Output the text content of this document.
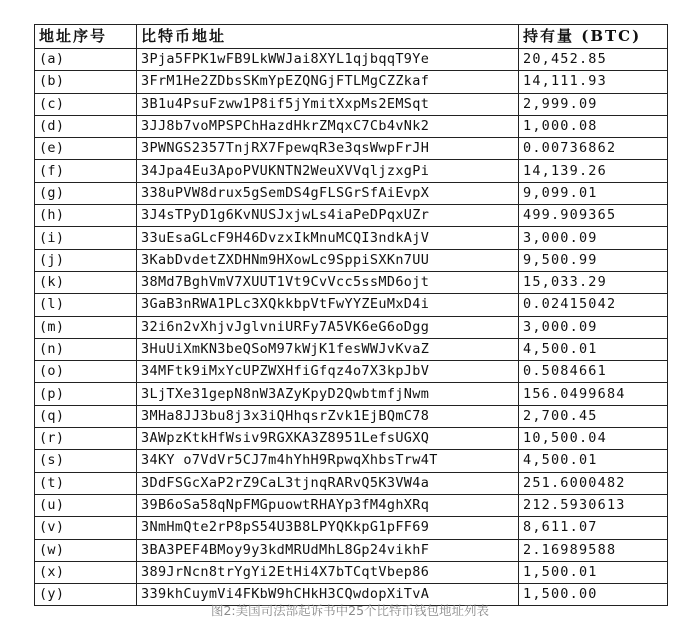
地址序号	比特币地址	持有量 (BTC)
(a)	3Pja5FPK1wFB9LkWWJai8XYL1qjbqqT9Ye	20,452.85
(b)	3FrM1He2ZDbsSKmYpEZQNGjFTLMgCZZkaf	14,111.93
(c)	3B1u4PsuFzww1P8if5jYmitXxpMs2EMSqt	2,999.09
(d)	3JJ8b7voMPSPChHazdHkrZMqxC7Cb4vNk2	1,000.08
(e)	3PWNGS2357TnjRX7FpewqR3e3qsWwpFrJH	0.00736862
(f)	34Jpa4Eu3ApoPVUKNTN2WeuXVVqljzxgPi	14,139.26
(g)	338uPVW8drux5gSemDS4gFLSGrSfAiEvpX	9,099.01
(h)	3J4sTPyD1g6KvNUSJxjwLs4iaPeDPqxUZr	499.909365
(i)	33uEsaGLcF9H46DvzxIkMnuMCQI3ndkAjV	3,000.09
(j)	3KabDvdetZXDHNm9HXowLc9SppiSXKn7UU	9,500.99
(k)	38Md7BghVmV7XUUT1Vt9CvVcc5ssMD6ojt	15,033.29
(l)	3GaB3nRWA1PLc3XQkkbpVtFwYYZEuMxD4i	0.02415042
(m)	32i6n2vXhjvJglvniURFy7A5VK6eG6oDgg	3,000.09
(n)	3HuUiXmKN3beQSoM97kWjK1fesWWJvKvaZ	4,500.01
(o)	34MFtk9iMxYcUPZWXHfiGfqz4o7X3kpJbV	0.5084661
(p)	3LjTXe31gepN8nW3AZyKpyD2QwbtmfjNwm	156.0499684
(q)	3MHa8JJ3bu8j3x3iQHhqsrZvk1EjBQmC78	2,700.45
(r)	3AWpzKtkHfWsiv9RGXKA3Z8951LefsUGXQ	10,500.04
(s)	34KY o7VdVr5CJ7m4hYhH9RpwqXhbsTrw4T	4,500.01
(t)	3DdFSGcXaP2rZ9CaL3tjnqRARvQ5K3VW4a	251.6000482
(u)	39B6oSa58qNpFMGpuowtRHAYp3fM4ghXRq	212.5930613
(v)	3NmHmQte2rP8pS54U3B8LPYQKkpG1pFF69	8,611.07
(w)	3BA3PEF4BMoy9y3kdMRUdMhL8Gp24vikhF	2.16989588
(x)	389JrNcn8trYgYi2EtHi4X7bTCqtVbep86	1,500.01
(y)	339khCuymVi4FKbW9hCHkH3CQwdopXiTvA	1,500.00
图2:美国司法部起诉书中25个比特币钱包地址列表
